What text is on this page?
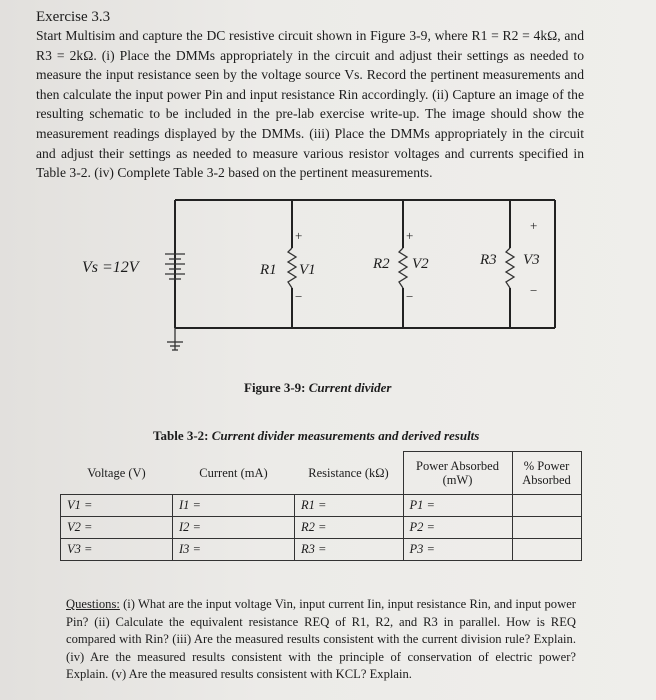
Exercise 3.3
Start Multisim and capture the DC resistive circuit shown in Figure 3-9, where R1 = R2 = 4kΩ, and R3 = 2kΩ. (i) Place the DMMs appropriately in the circuit and adjust their settings as needed to measure the input resistance seen by the voltage source Vs. Record the pertinent measurements and then calculate the input power Pin and input resistance Rin accordingly. (ii) Capture an image of the resulting schematic to be included in the pre-lab exercise write-up. The image should show the measurement readings displayed by the DMMs. (iii) Place the DMMs appropriately in the circuit and adjust their settings as needed to measure various resistor voltages and currents specified in Table 3-2. (iv) Complete Table 3-2 based on the pertinent measurements.
Vs =12V
+
−
R1 V1
+
−
R2 V2
+
−
R3 V3
Figure 3-9: Current divider
Table 3-2: Current divider measurements and derived results
Voltage (V)	Current (mA)	Resistance (kΩ)	Power Absorbed (mW)	% Power Absorbed
V1 =	I1 =	R1 =	P1 =	
V2 =	I2 =	R2 =	P2 =	
V3 =	I3 =	R3 =	P3 =	
Questions: (i) What are the input voltage Vin, input current Iin, input resistance Rin, and input power Pin? (ii) Calculate the equivalent resistance REQ of R1, R2, and R3 in parallel. How is REQ compared with Rin? (iii) Are the measured results consistent with the current division rule? Explain. (iv) Are the measured results consistent with the principle of conservation of electric power? Explain. (v) Are the measured results consistent with KCL? Explain.
